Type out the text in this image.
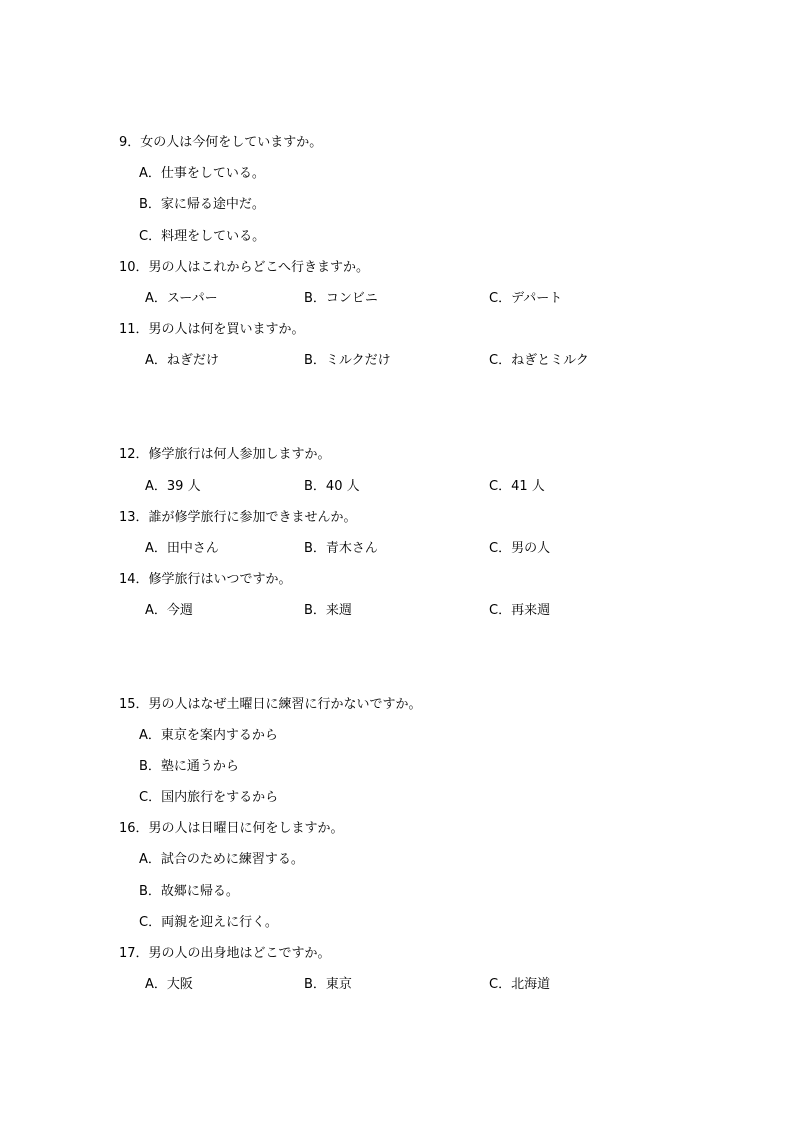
9．女の人は今何をしていますか。
A．仕事をしている。
B．家に帰る途中だ。
C．料理をしている。
10．男の人はこれからどこへ行きますか。
A．スーパー	B．コンビニ	C．デパート
11．男の人は何を買いますか。
A．ねぎだけ	B．ミルクだけ	C．ねぎとミルク
12．修学旅行は何人参加しますか。
A．39 人	B．40 人	C．41 人
13．誰が修学旅行に参加できませんか。
A．田中さん	B．青木さん	C．男の人
14．修学旅行はいつですか。
A．今週	B．来週	C．再来週
15．男の人はなぜ土曜日に練習に行かないですか。
A．東京を案内するから
B．塾に通うから
C．国内旅行をするから
16．男の人は日曜日に何をしますか。
A．試合のために練習する。
B．故郷に帰る。
C．両親を迎えに行く。
17．男の人の出身地はどこですか。
A．大阪	B．東京	C．北海道
